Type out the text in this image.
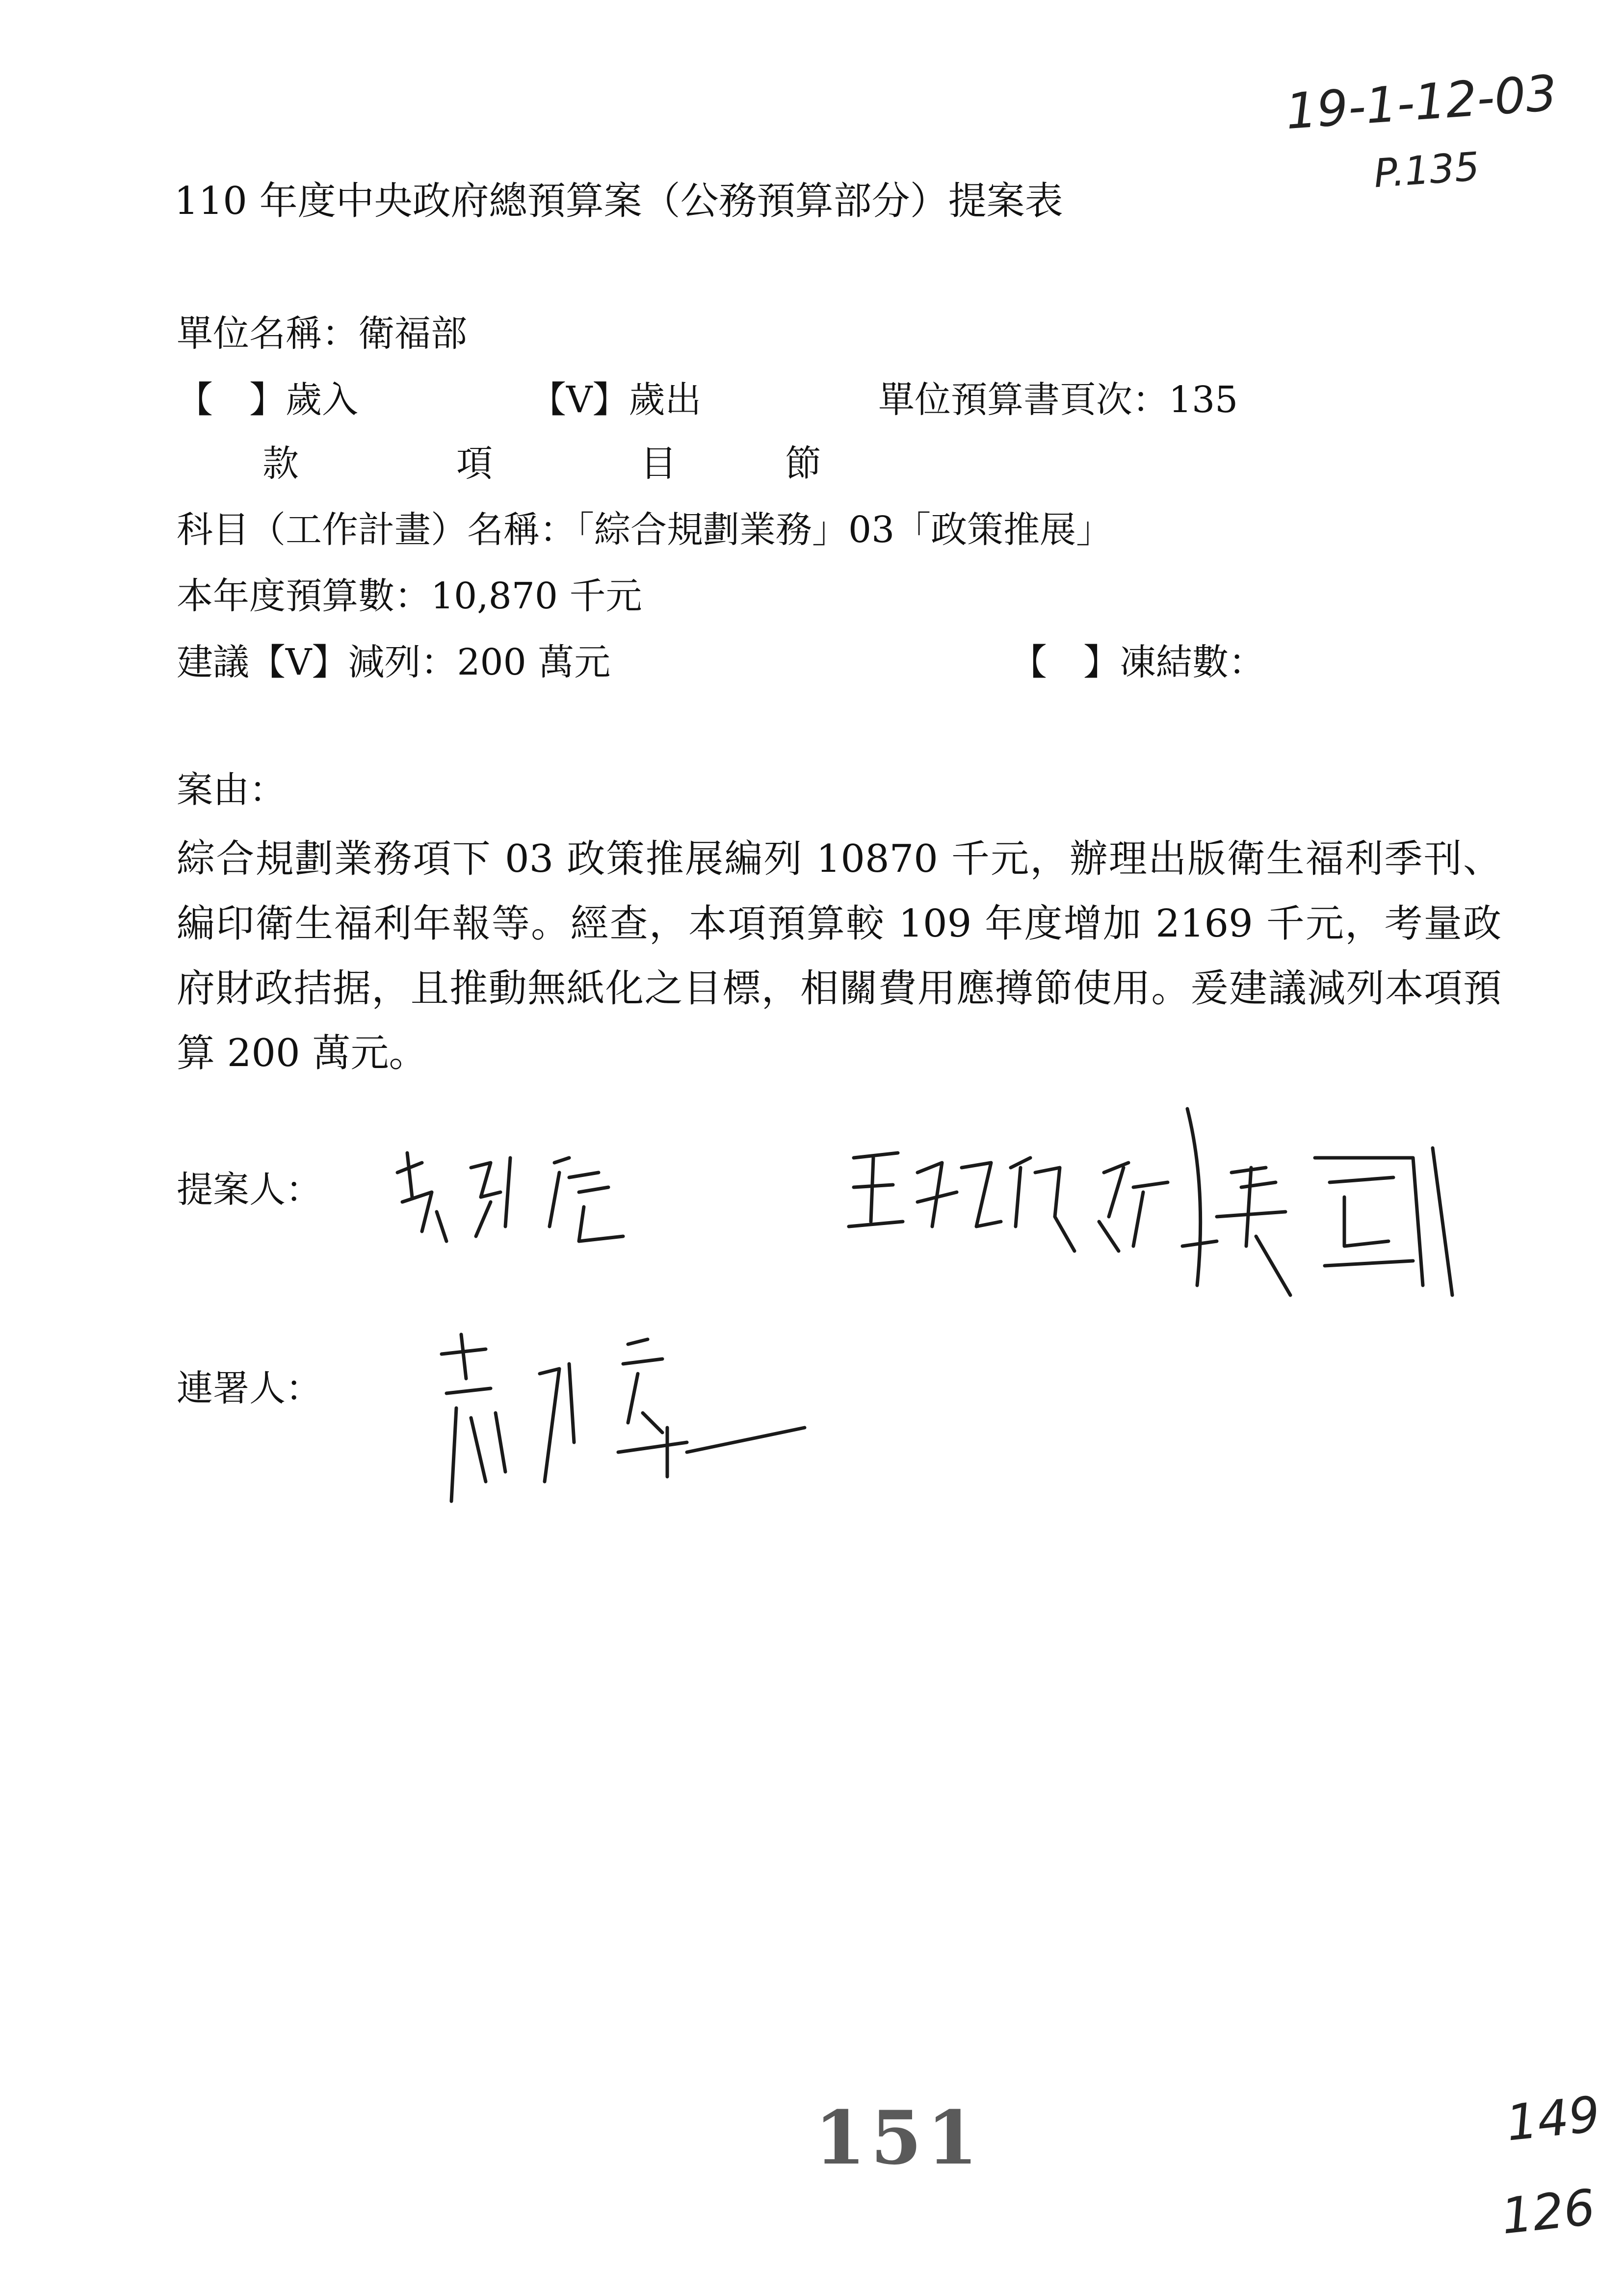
19-1-12-03
P.135
110 年度中央政府總預算案（公務預算部分）提案表
單位名稱：衛福部
【　】歲入	【V】歲出	單位預算書頁次：135
款	項	目	節
科目（工作計畫）名稱：「綜合規劃業務」03「政策推展」
本年度預算數：10,870 千元
建議【V】減列：200 萬元	【　】凍結數：
案由：
綜合規劃業務項下 03 政策推展編列 10870 千元，辦理出版衛生福利季刊、編印衛生福利年報等。經查，本項預算較 109 年度增加 2169 千元，考量政府財政拮据，且推動無紙化之目標，相關費用應撙節使用。爰建議減列本項預算 200 萬元。
提案人：
連署人：
151	149
126
